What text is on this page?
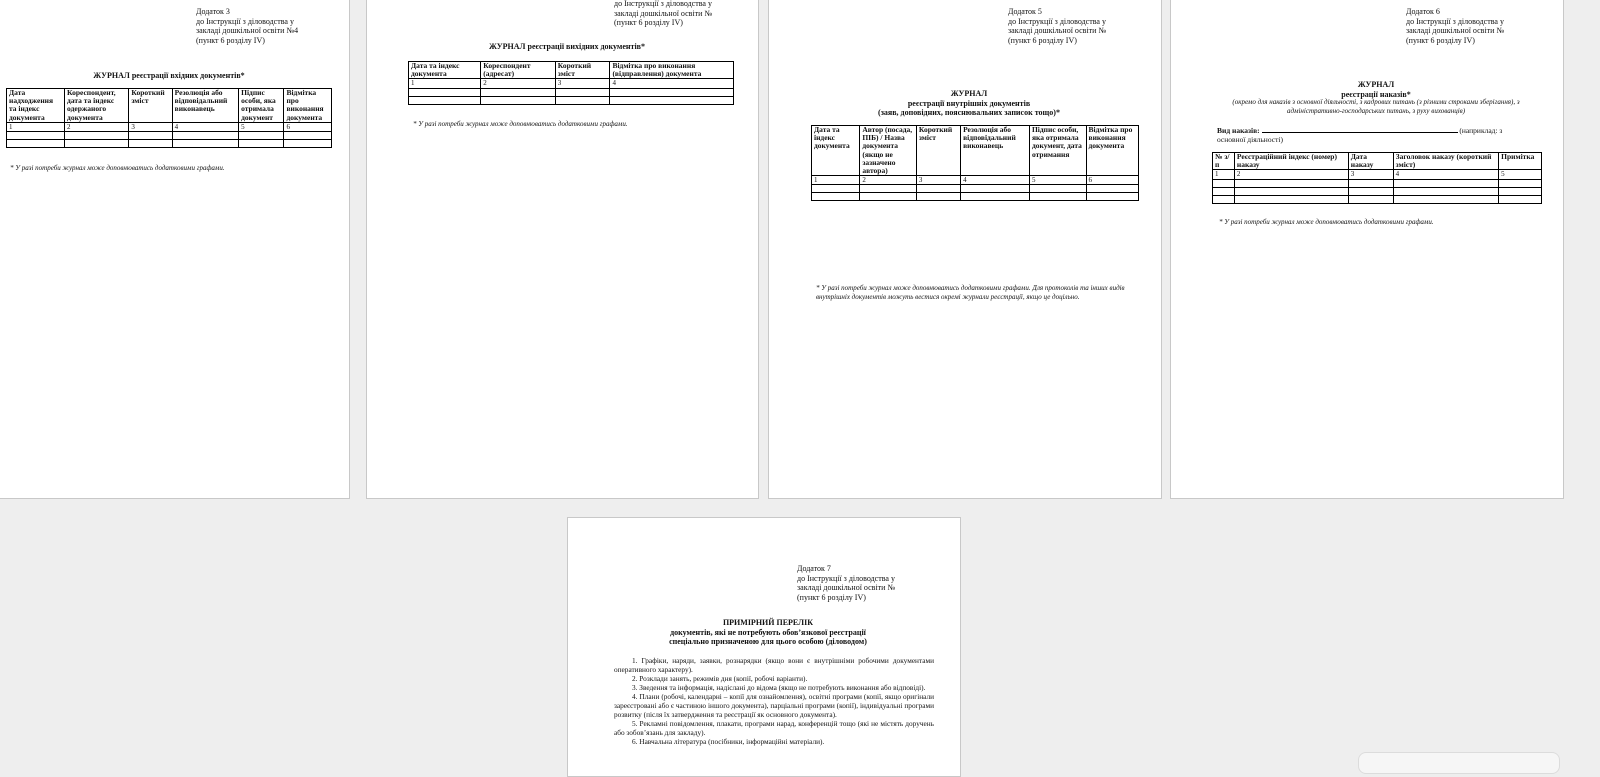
Додаток 3
до Інструкції з діловодства у
закладі дошкільної освіти №4
(пункт 6 розділу IV)
ЖУРНАЛ реєстрації вхідних документів*
Дата надходження та індекс документа	Кореспондент, дата та індекс одержаного документа	Короткий зміст	Резолюція або відповідальний виконавець	Підпис особи, яка отримала документ	Відмітка про виконання документа
1	2	3	4	5	6

* У разі потреби журнал може доповнюватись додатковими графами.
до Інструкції з діловодства у
закладі дошкільної освіти №
(пункт 6 розділу IV)
ЖУРНАЛ реєстрації вихідних документів*
Дата та індекс документа	Кореспондент (адресат)	Короткий зміст	Відмітка про виконання (відправлення) документа
1	2	3	4

* У разі потреби журнал може доповнюватись додатковими графами.
Додаток 5
до Інструкції з діловодства у
закладі дошкільної освіти №
(пункт 6 розділу IV)
ЖУРНАЛ
реєстрації внутрішніх документів
(заяв, доповідних, пояснювальних записок тощо)*
Дата та індекс документа	Автор (посада, ПІБ) / Назва документа (якщо не зазначено автора)	Короткий зміст	Резолюція або відповідальний виконавець	Підпис особи, яка отримала документ, дата отримання	Відмітка про виконання документа
1	2	3	4	5	6

* У разі потреби журнал може доповнюватись додатковими графами. Для протоколів та інших видів внутрішніх документів можуть вестися окремі журнали реєстрації, якщо це доцільно.
Додаток 6
до Інструкції з діловодства у
закладі дошкільної освіти №
(пункт 6 розділу IV)
ЖУРНАЛ
реєстрації наказів*
(окремо для наказів з основної діяльності, з кадрових питань (з різними строками зберігання), з адміністративно-господарських питань, з руху вихованців)
Вид наказів:	(наприклад: з
основної діяльності)
№ з/п	Реєстраційний індекс (номер) наказу	Дата наказу	Заголовок наказу (короткий зміст)	Примітка
1	2	3	4	5

* У разі потреби журнал може доповнюватись додатковими графами.
Додаток 7
до Інструкції з діловодства у
закладі дошкільної освіти №
(пункт 6 розділу IV)
ПРИМІРНИЙ ПЕРЕЛІК
документів, які не потребують обов’язкової реєстрації
спеціально призначеною для цього особою (діловодом)

1. Графіки, наряди, заявки, рознарядки (якщо вони є внутрішніми робочими документами оперативного характеру).

2. Розклади занять, режимів дня (копії, робочі варіанти).

3. Зведення та інформація, надіслані до відома (якщо не потребують виконання або відповіді).

4. Плани (робочі, календарні – копії для ознайомлення), освітні програми (копії, якщо оригінали зареєстровані або є частиною іншого документа), парціальні програми (копії), індивідуальні програми розвитку (після їх затвердження та реєстрації як основного документа).

5. Рекламні повідомлення, плакати, програми нарад, конференцій тощо (які не містять доручень або зобов’язань для закладу).

6. Навчальна література (посібники, інформаційні матеріали).
